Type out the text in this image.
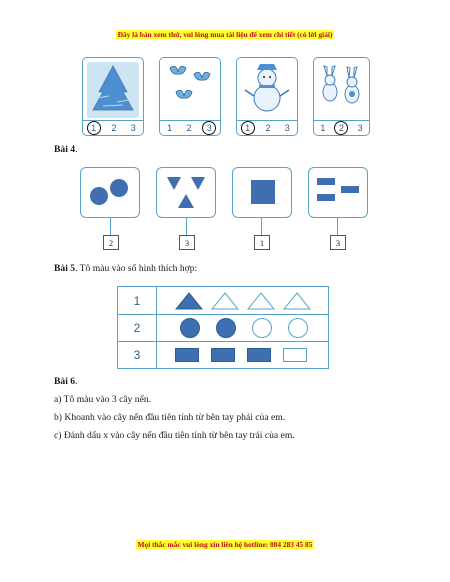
Đây là bản xem thử, vui lòng mua tài liệu để xem chi tiết (có lời giải)
1	2	3	1	2	3	1	2	3	1	2	3
Bài 4.
2	3	1	3
Bài 5. Tô màu vào số hình thích hợp:
1
2
3
Bài 6.
a) Tô màu vào 3 cây nến.
b) Khoanh vào cây nến đầu tiên tính từ bên tay phải của em.
c) Đánh dấu x vào cây nến đầu tiên tính từ bên tay trái của em.
Mọi thắc mắc vui lòng xin liên hệ hotline: 084 283 45 85
